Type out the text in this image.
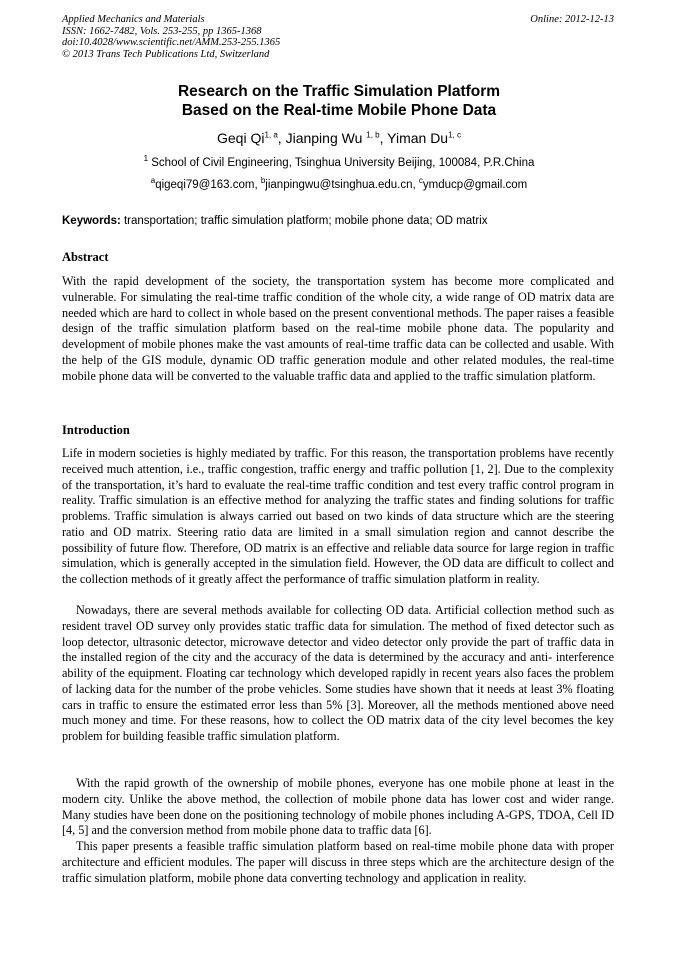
Applied Mechanics and Materials
ISSN: 1662-7482, Vols. 253-255, pp 1365-1368
doi:10.4028/www.scientific.net/AMM.253-255.1365
© 2013 Trans Tech Publications Ltd, Switzerland
Online: 2012-12-13
Research on the Traffic Simulation Platform
Based on the Real-time Mobile Phone Data
Geqi Qi$^{1, a}$, Jianping Wu $^{1, b}$, Yiman Du$^{1, c}$
$^1$ School of Civil Engineering, Tsinghua University Beijing, 100084, P.R.China
$^a$qigeqi79@163.com, $^b$jianpingwu@tsinghua.edu.cn, $^c$ymducp@gmail.com
Keywords: transportation; traffic simulation platform; mobile phone data; OD matrix
Abstract

With the rapid development of the society, the transportation system has become more complicated and vulnerable. For simulating the real-time traffic condition of the whole city, a wide range of OD matrix data are needed which are hard to collect in whole based on the present conventional methods. The paper raises a feasible design of the traffic simulation platform based on the real-time mobile phone data. The popularity and development of mobile phones make the vast amounts of real-time traffic data can be collected and usable. With the help of the GIS module, dynamic OD traffic generation module and other related modules, the real-time mobile phone data will be converted to the valuable traffic data and applied to the traffic simulation platform.

Introduction

Life in modern societies is highly mediated by traffic. For this reason, the transportation problems have recently received much attention, i.e., traffic congestion, traffic energy and traffic pollution [1, 2]. Due to the complexity of the transportation, it’s hard to evaluate the real-time traffic condition and test every traffic control program in reality. Traffic simulation is an effective method for analyzing the traffic states and finding solutions for traffic problems. Traffic simulation is always carried out based on two kinds of data structure which are the steering ratio and OD matrix. Steering ratio data are limited in a small simulation region and cannot describe the possibility of future flow. Therefore, OD matrix is an effective and reliable data source for large region in traffic simulation, which is generally accepted in the simulation field. However, the OD data are difficult to collect and the collection methods of it greatly affect the performance of traffic simulation platform in reality.

Nowadays, there are several methods available for collecting OD data. Artificial collection method such as resident travel OD survey only provides static traffic data for simulation. The method of fixed detector such as loop detector, ultrasonic detector, microwave detector and video detector only provide the part of traffic data in the installed region of the city and the accuracy of the data is determined by the accuracy and anti- interference ability of the equipment. Floating car technology which developed rapidly in recent years also faces the problem of lacking data for the number of the probe vehicles. Some studies have shown that it needs at least 3% floating cars in traffic to ensure the estimated error less than 5% [3]. Moreover, all the methods mentioned above need much money and time. For these reasons, how to collect the OD matrix data of the city level becomes the key problem for building feasible traffic simulation platform.

With the rapid growth of the ownership of mobile phones, everyone has one mobile phone at least in the modern city. Unlike the above method, the collection of mobile phone data has lower cost and wider range. Many studies have been done on the positioning technology of mobile phones including A-GPS, TDOA, Cell ID [4, 5] and the conversion method from mobile phone data to traffic data [6].

This paper presents a feasible traffic simulation platform based on real-time mobile phone data with proper architecture and efficient modules. The paper will discuss in three steps which are the architecture design of the traffic simulation platform, mobile phone data converting technology and application in reality.
